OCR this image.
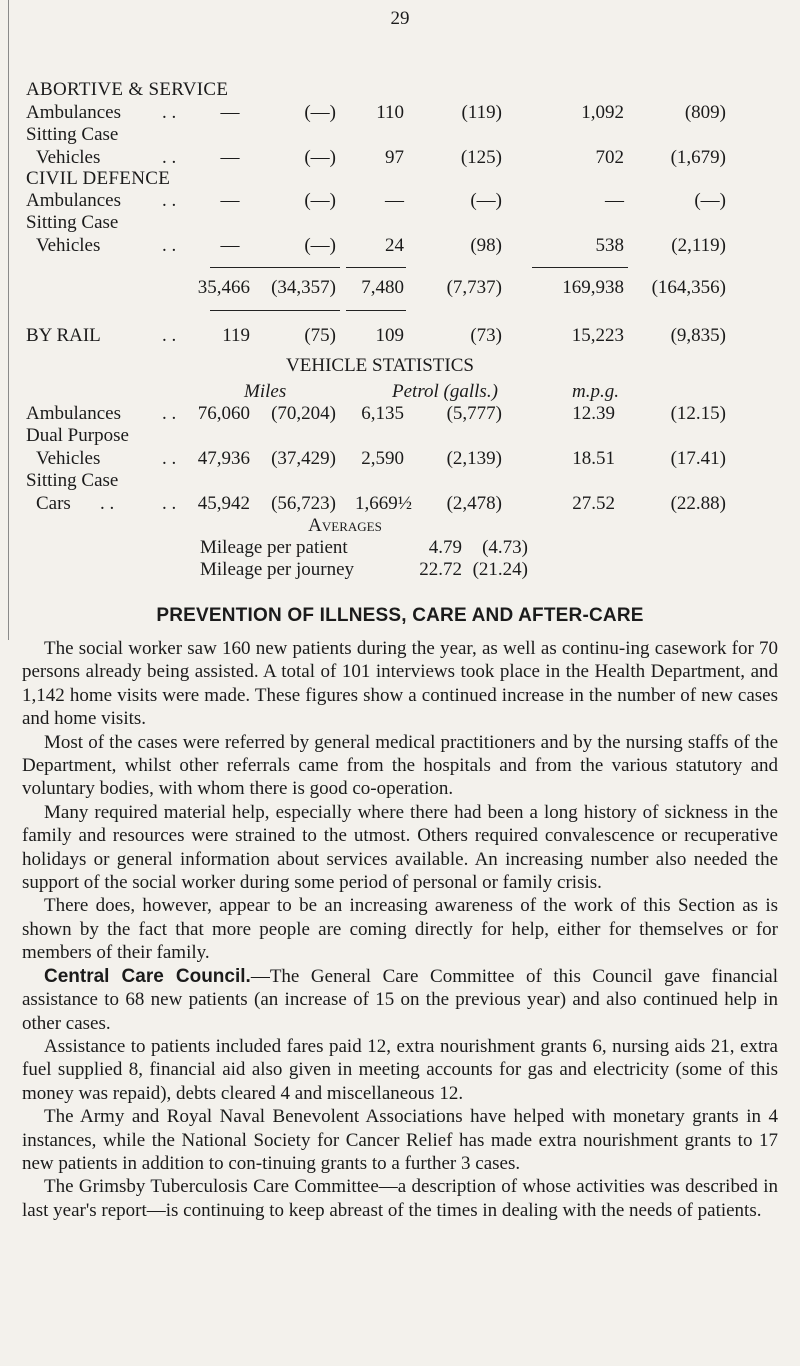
29
ABORTIVE & SERVICE
Ambulances . .	—	(—)	110	(119)	1,092	(809)
Sitting Case
Vehicles	. .	—	(—)	97	(125)	702	(1,679)
CIVIL DEFENCE
Ambulances . .	—	(—)	—	(—)	—	(—)
Sitting Case
Vehicles	. .	—	(—)	24	(98)	538	(2,119)
35,466	(34,357)	7,480	(7,737)	169,938	(164,356)
BY RAIL	. .	119	(75)	109	(73)	15,223	(9,835)
VEHICLE STATISTICS
Miles	Petrol (galls.)	m.p.g.
Ambulances . .	76,060	(70,204)	6,135	(5,777)	12.39	(12.15)
Dual Purpose
Vehicles	. .	47,936	(37,429)	2,590	(2,139)	18.51	(17.41)
Sitting Case
Cars . .	. .	45,942	(56,723)	1,669½	(2,478)	27.52	(22.88)
Averages
Mileage per patient	4.79	(4.73)
Mileage per journey	22.72 (21.24)
PREVENTION OF ILLNESS, CARE AND AFTER-CARE

The social worker saw 160 new patients during the year, as well as continu-ing casework for 70 persons already being assisted. A total of 101 interviews took place in the Health Department, and 1,142 home visits were made. These figures show a continued increase in the number of new cases and home visits.

Most of the cases were referred by general medical practitioners and by the nursing staffs of the Department, whilst other referrals came from the hospitals and from the various statutory and voluntary bodies, with whom there is good co-operation.

Many required material help, especially where there had been a long history of sickness in the family and resources were strained to the utmost. Others required convalescence or recuperative holidays or general information about services available. An increasing number also needed the support of the social worker during some period of personal or family crisis.

There does, however, appear to be an increasing awareness of the work of this Section as is shown by the fact that more people are coming directly for help, either for themselves or for members of their family.

Central Care Council.—The General Care Committee of this Council gave financial assistance to 68 new patients (an increase of 15 on the previous year) and also continued help in other cases.

Assistance to patients included fares paid 12, extra nourishment grants 6, nursing aids 21, extra fuel supplied 8, financial aid also given in meeting accounts for gas and electricity (some of this money was repaid), debts cleared 4 and miscellaneous 12.

The Army and Royal Naval Benevolent Associations have helped with monetary grants in 4 instances, while the National Society for Cancer Relief has made extra nourishment grants to 17 new patients in addition to con-tinuing grants to a further 3 cases.

The Grimsby Tuberculosis Care Committee—a description of whose activities was described in last year's report—is continuing to keep abreast of the times in dealing with the needs of patients.
